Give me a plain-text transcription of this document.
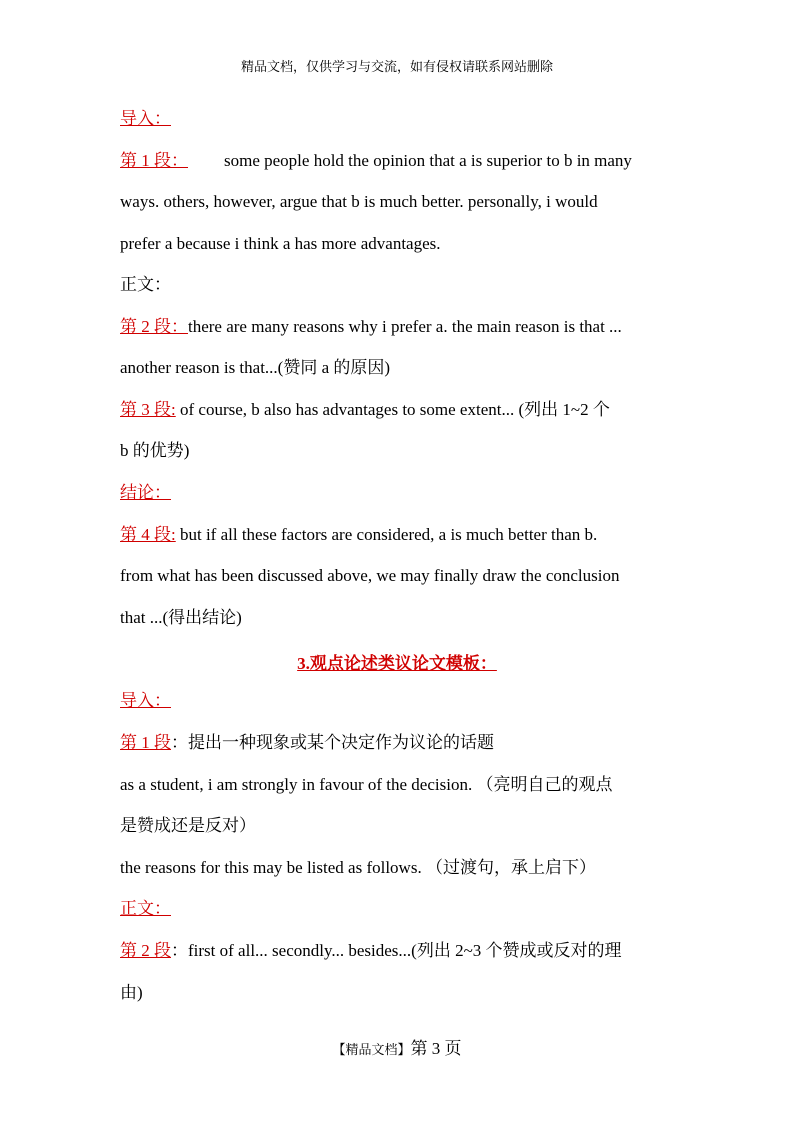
精品文档，仅供学习与交流，如有侵权请联系网站删除
导入：
第 1 段： some people hold the opinion that a is superior to b in many
ways. others, however, argue that b is much better. personally, i would
prefer a because i think a has more advantages.
正文：
第 2 段：there are many reasons why i prefer a. the main reason is that ...
another reason is that...(赞同 a 的原因)
第 3 段: of course, b also has advantages to some extent... (列出 1~2 个
b 的优势)
结论：
第 4 段: but if all these factors are considered, a is much better than b.
from what has been discussed above, we may finally draw the conclusion
that ...(得出结论)
3.观点论述类议论文模板：
导入：
第 1 段：提出一种现象或某个决定作为议论的话题
as a student, i am strongly in favour of the decision. （亮明自己的观点
是赞成还是反对）
the reasons for this may be listed as follows. （过渡句，承上启下）
正文：
第 2 段：first of all... secondly... besides...(列出 2~3 个赞成或反对的理
由)
【精品文档】第 3 页
